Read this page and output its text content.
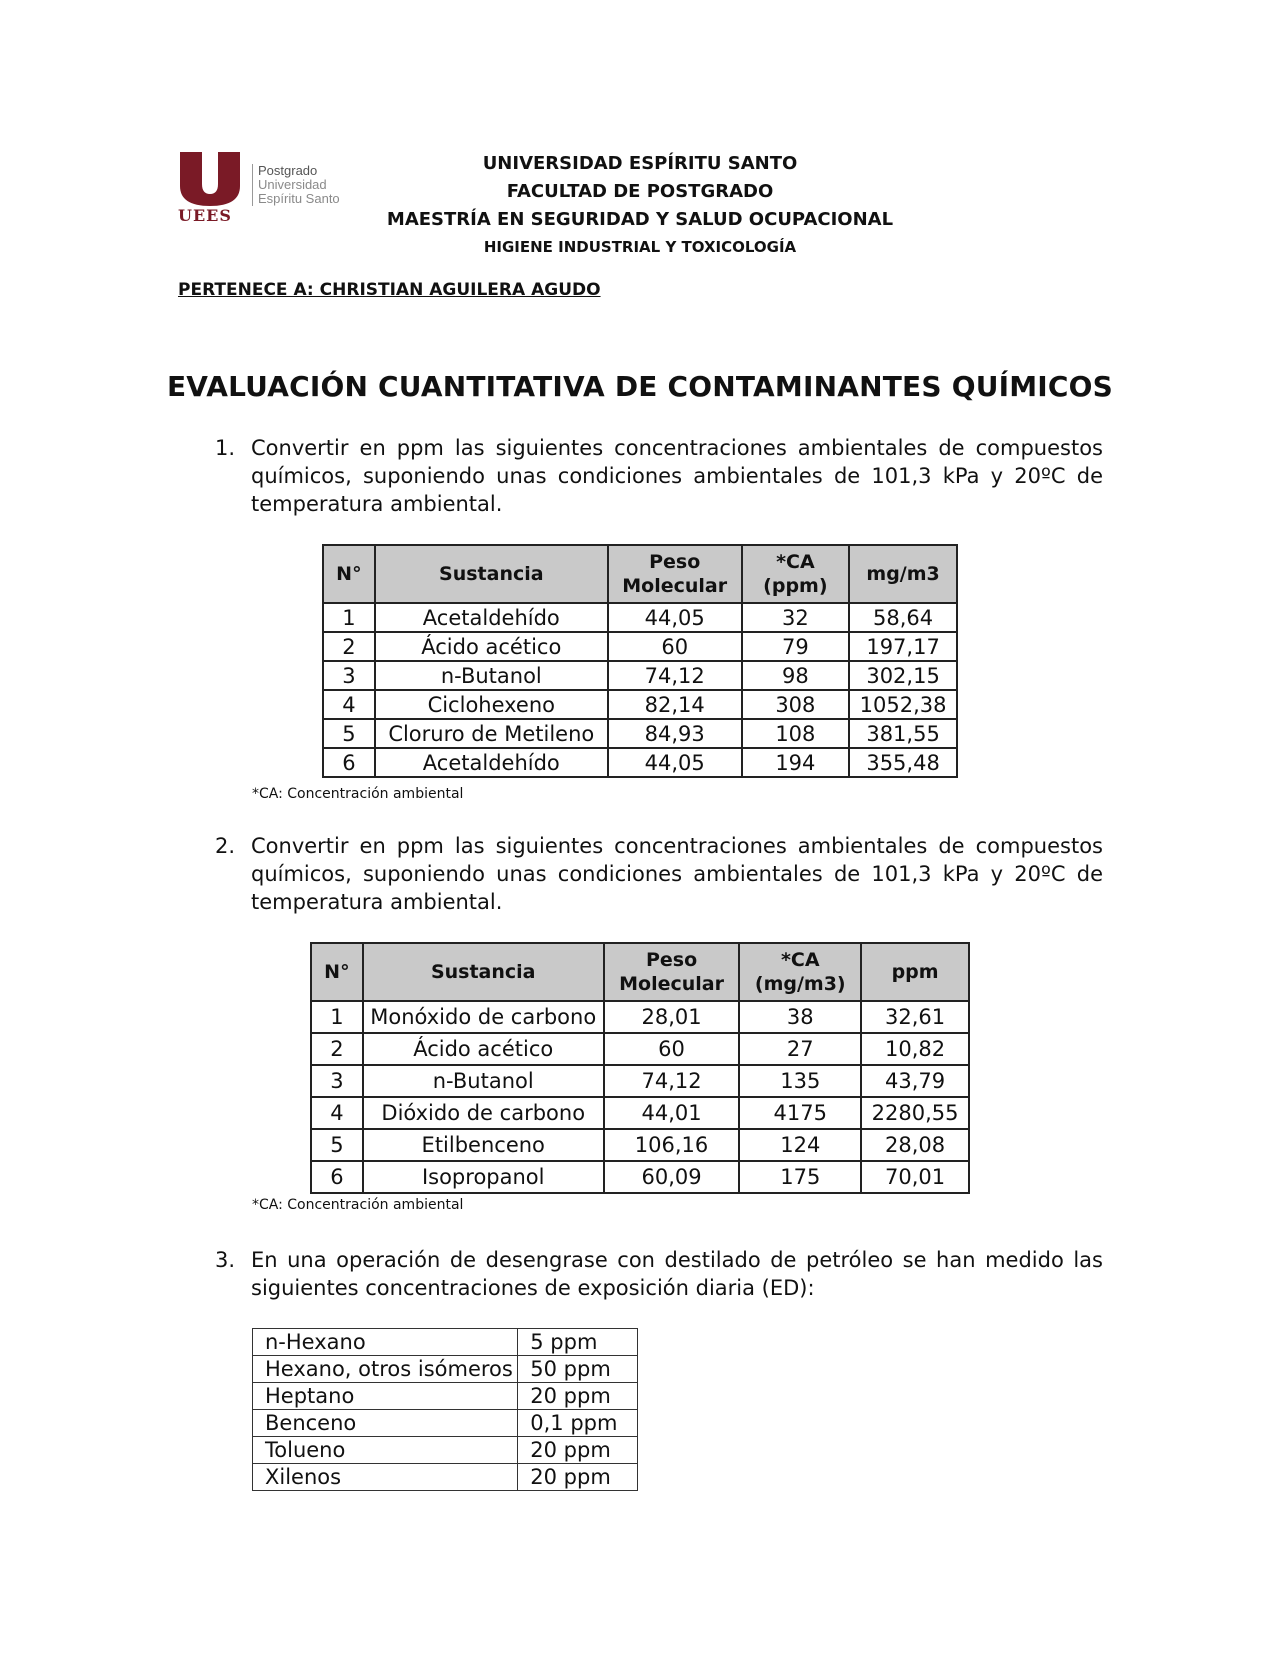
UEES
Postgrado
Universidad
Espíritu Santo
UNIVERSIDAD ESPÍRITU SANTO
FACULTAD DE POSTGRADO
MAESTRÍA EN SEGURIDAD Y SALUD OCUPACIONAL
HIGIENE INDUSTRIAL Y TOXICOLOGÍA
PERTENECE A: CHRISTIAN AGUILERA AGUDO
EVALUACIÓN CUANTITATIVA DE CONTAMINANTES QUÍMICOS
1. Convertir en ppm las siguientes concentraciones ambientales de compuestos químicos, suponiendo unas condiciones ambientales de 101,3 kPa y 20ºC de temperatura ambiental.
N°	Sustancia	Peso Molecular	*CA (ppm)	mg/m3
1	Acetaldehído	44,05	32	58,64
2	Ácido acético	60	79	197,17
3	n-Butanol	74,12	98	302,15
4	Ciclohexeno	82,14	308	1052,38
5	Cloruro de Metileno	84,93	108	381,55
6	Acetaldehído	44,05	194	355,48
*CA: Concentración ambiental
2. Convertir en ppm las siguientes concentraciones ambientales de compuestos químicos, suponiendo unas condiciones ambientales de 101,3 kPa y 20ºC de temperatura ambiental.
N°	Sustancia	Peso Molecular	*CA (mg/m3)	ppm
1	Monóxido de carbono	28,01	38	32,61
2	Ácido acético	60	27	10,82
3	n-Butanol	74,12	135	43,79
4	Dióxido de carbono	44,01	4175	2280,55
5	Etilbenceno	106,16	124	28,08
6	Isopropanol	60,09	175	70,01
*CA: Concentración ambiental
3. En una operación de desengrase con destilado de petróleo se han medido las siguientes concentraciones de exposición diaria (ED):
n-Hexano	5 ppm
Hexano, otros isómeros	50 ppm
Heptano	20 ppm
Benceno	0,1 ppm
Tolueno	20 ppm
Xilenos	20 ppm
